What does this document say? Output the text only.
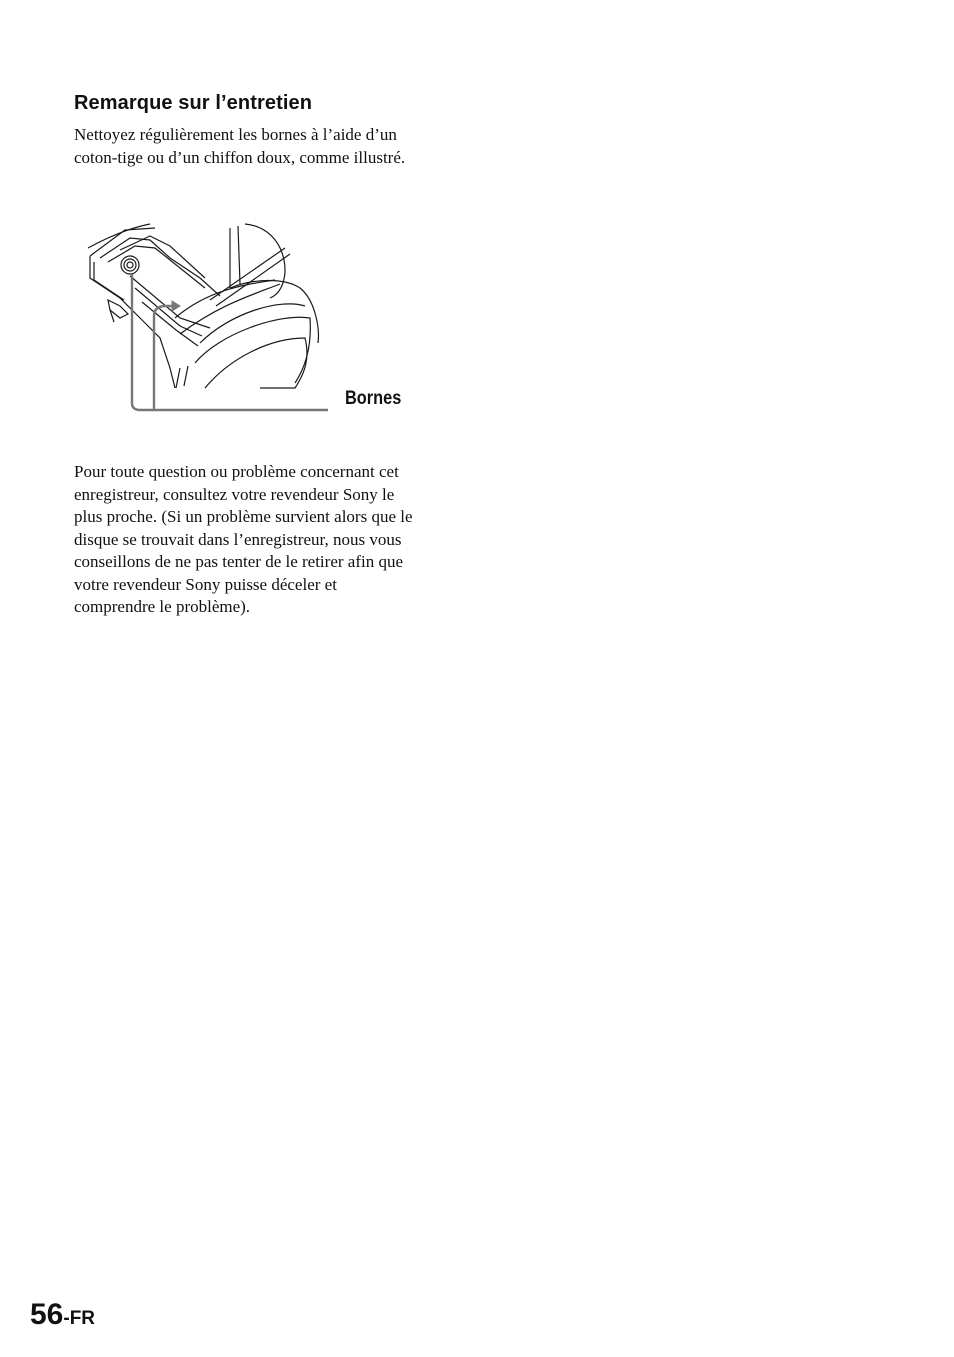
Remarque sur l’entretien

Nettoyez régulièrement les bornes à l’aide d’un
coton-tige ou d’un chiffon doux, comme illustré.

Bornes

Pour toute question ou problème concernant cet
enregistreur, consultez votre revendeur Sony le
plus proche. (Si un problème survient alors que le
disque se trouvait dans l’enregistreur, nous vous
conseillons de ne pas tenter de le retirer afin que
votre revendeur Sony puisse déceler et
comprendre le problème).

56-FR
